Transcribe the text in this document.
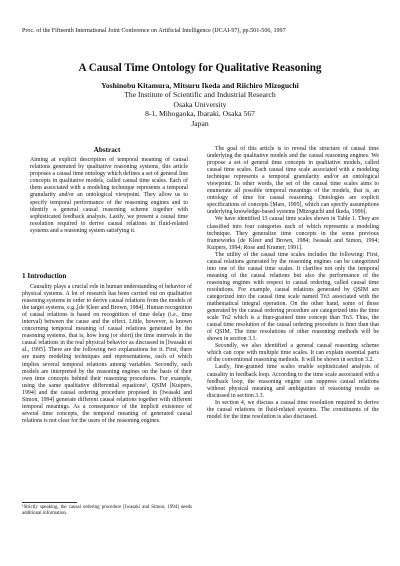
Proc. of the Fifteenth International Joint Conference on Artificial Intelligence (IJCAI-97), pp.501-506, 1997
A Causal Time Ontology for Qualitative Reasoning
Yoshinobu Kitamura, Mitsuru Ikeda and Riichiro Mizoguchi
The Institute of Scientific and Industrial Research
Osaka University
8-1, Mihogaoka, Ibaraki, Osaka 567
Japan
Abstract
Aiming at explicit description of temporal meaning of causal relations generated by qualitative reasoning systems, this article proposes a causal time ontology which defines a set of general line concepts in qualitative models, called causal time scales. Each of them associated with a modeling technique represents a temporal granularity and/or an ontological viewpoint. They allow us to specify temporal performance of the reasoning engines and to identify a general causal reasoning scheme together with sophisticated feedback analysis. Lastly, we present a causal time resolution required to derive causal relations in fluid-related systems and a reasoning system satisfying it.
1 Introduction
Causality plays a crucial role in human understanding of behavior of physical systems. A lot of research has been carried out on qualitative reasoning systems in order to derive causal relations from the models of the target systems, e.g.,[de Kleer and Brown, 1984]. Human recognition of causal relations is based on recognition of time delay (i.e., time interval) between the cause and the effect. Little, however, is known concerning temporal meaning of causal relations generated by the reasoning systems, that is, how long (or short) the time intervals in the causal relations in the real physical behavior as discussed in [Iwasaki et al., 1995]. There are the following two explanations for it. First, there are many modeling techniques and representations, each of which implies several temporal relations among variables. Secondly, such models are interpreted by the reasoning engines on the basis of their own time concepts behind their reasoning procedures. For example, using the same qualitative differential equations¹, QSIM [Kuipers, 1994] and the causal ordering procedure proposed in [Iwasaki and Simon, 1994] generate different causal relations together with different temporal meanings. As a consequence of the implicit existence of several time concepts, the temporal meaning of generated causal relations is not clear for the users of the reasoning engines.
¹Strictly speaking, the causal ordering procedure [Iwasaki and Simon, 1994] needs additional information.

The goal of this article is to reveal the structure of causal time underlying the qualitative models and the causal reasoning engines. We propose a set of general time concepts in qualitative models, called causal time scales. Each causal time scale associated with a modeling technique represents a temporal granularity and/or an ontological viewpoint. In other words, the set of the causal time scales aims to enumerate all possible temporal meanings of the models, that is, an ontology of time for causal reasoning. Ontologies are explicit specifications of concepts [Mars, 1995], which can specify assumptions underlying knowledge-based systems [Mizoguchi and Ikeda, 1996].

We have identified 13 causal time scales shown in Table 1. They are classified into four categories each of which represents a modeling technique. They generalize time concepts in the some previous frameworks [de Kleer and Brown, 1984; Iwasaki and Simon, 1994; Kuipers, 1994; Rose and Kramer, 1991].

The utility of the causal time scales includes the following: First, causal relations generated by the reasoning engines can be categorized into one of the causal time scales. It clarifies not only the temporal meaning of the causal relations but also the performance of the reasoning engines with respect to causal ordering, called causal time resolutions. For example, causal relations generated by QSIM are categorized into the causal time scale named Tn3 associated with the mathematical integral operation. On the other hand, some of those generated by the causal ordering procedure are categorized into the time scale Tn2 which is a finer-grained time concept than Tn3. Thus, the causal time resolution of the causal ordering procedure is finer than that of QSIM. The time resolutions of other reasoning methods will be shown in section 3.1.

Secondly, we also identified a general causal reasoning scheme which can cope with multiple time scales. It can explain essential parts of the conventional reasoning methods. It will be shown in section 3.2.

Lastly, fine-grained time scales enable sophisticated analysis of causality in feedback loop. According to the time scale associated with a feedback loop, the reasoning engine can suppress causal relations without physical meaning and ambiguities of reasoning results as discussed in section 3.3.

In section 4, we discuss a causal time resolution required to derive the causal relations in fluid-related systems. The constituents of the model for the time resolution is also discussed.
